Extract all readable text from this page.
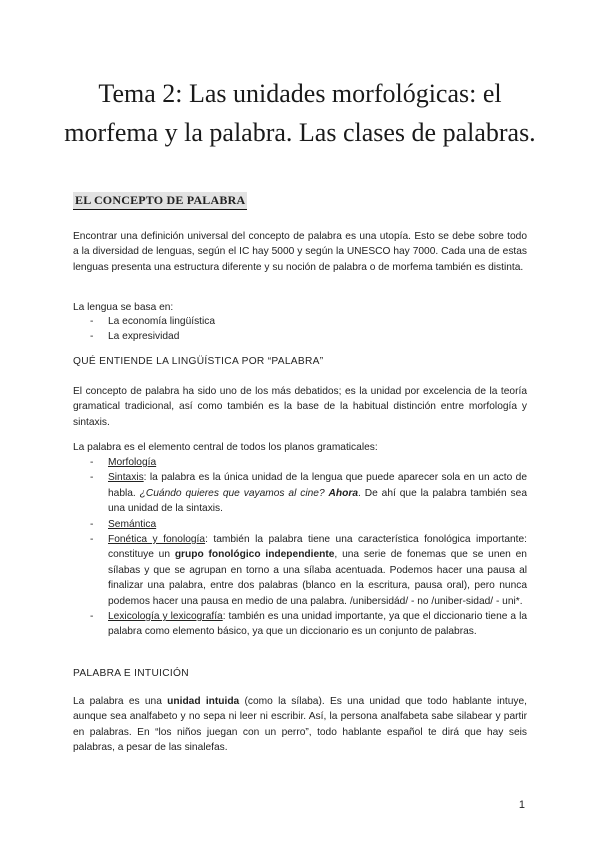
Tema 2: Las unidades morfológicas: el morfema y la palabra. Las clases de palabras.
EL CONCEPTO DE PALABRA

Encontrar una definición universal del concepto de palabra es una utopía. Esto se debe sobre todo a la diversidad de lenguas, según el IC hay 5000 y según la UNESCO hay 7000. Cada una de estas lenguas presenta una estructura diferente y su noción de palabra o de morfema también es distinta.

La lengua se basa en:

- La economía lingüística
- La expresividad
QUÉ ENTIENDE LA LINGÜÍSTICA POR “PALABRA”

El concepto de palabra ha sido uno de los más debatidos; es la unidad por excelencia de la teoría gramatical tradicional, así como también es la base de la habitual distinción entre morfología y sintaxis.

La palabra es el elemento central de todos los planos gramaticales:

- Morfología
- Sintaxis: la palabra es la única unidad de la lengua que puede aparecer sola en un acto de habla. ¿Cuándo quieres que vayamos al cine? Ahora. De ahí que la palabra también sea una unidad de la sintaxis.
- Semántica
- Fonética y fonología: también la palabra tiene una característica fonológica importante: constituye un grupo fonológico independiente, una serie de fonemas que se unen en sílabas y que se agrupan en torno a una sílaba acentuada. Podemos hacer una pausa al finalizar una palabra, entre dos palabras (blanco en la escritura, pausa oral), pero nunca podemos hacer una pausa en medio de una palabra. /unibersidád/ - no /uniber-sidad/ - uni*.
- Lexicología y lexicografía: también es una unidad importante, ya que el diccionario tiene a la palabra como elemento básico, ya que un diccionario es un conjunto de palabras.
PALABRA E INTUICIÓN

La palabra es una unidad intuida (como la sílaba). Es una unidad que todo hablante intuye, aunque sea analfabeto y no sepa ni leer ni escribir. Así, la persona analfabeta sabe silabear y partir en palabras. En “los niños juegan con un perro”, todo hablante español te dirá que hay seis palabras, a pesar de las sinalefas.

1
